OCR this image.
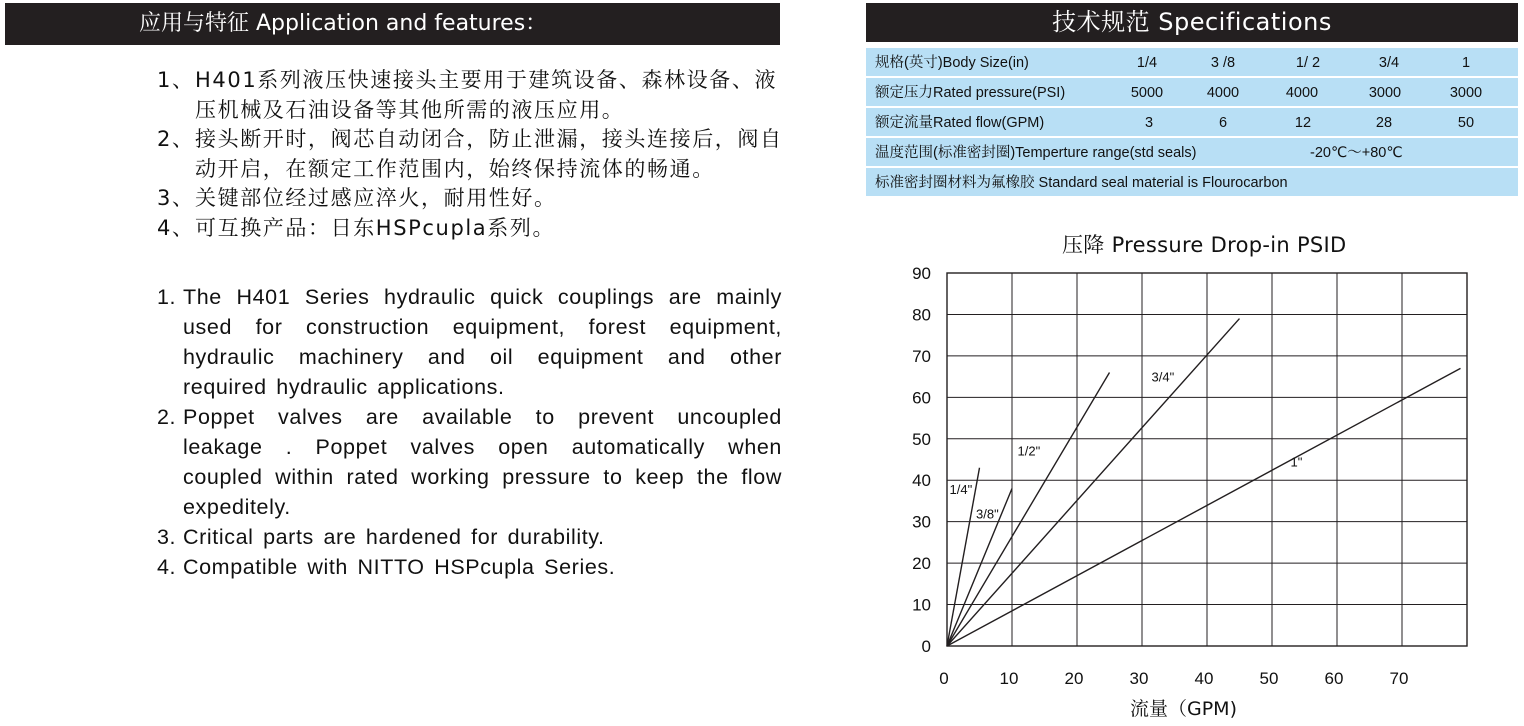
应用与特征 Application and features：
1、 H401系列液压快速接头主要用于建筑设备、森林设备、液压机械及石油设备等其他所需的液压应用。
2、 接头断开时，阀芯自动闭合，防止泄漏，接头连接后，阀自动开启，在额定工作范围内，始终保持流体的畅通。
3、 关键部位经过感应淬火，耐用性好。
4、 可互换产品：日东HSPcupla系列。
1. The H401 Series hydraulic quick couplings are mainly used for construction equipment, forest equipment, hydraulic machinery and oil equipment and other required hydraulic applications.
2. Poppet valves are available to prevent uncoupled leakage . Poppet valves open automatically when coupled within rated working pressure to keep the flow expeditely.
3. Critical parts are hardened for durability.
4. Compatible with NITTO HSPcupla Series.
技术规范 Specifications
规格(英寸)Body Size(in)	1/4	3 /8	1/ 2	3/4	1
额定压力Rated pressure(PSI)	5000	4000	4000	3000	3000
额定流量Rated flow(GPM)	3	6	12	28	50
温度范围(标准密封圈)Temperture range(std seals)	-20℃～+80℃
标准密封圈材料为氟橡胶 Standard seal material is Flourocarbon
压降 Pressure Drop-in PSID
0
10
20
30
40
50
60
70
80
90
0	10	20	30	40	50	60	70
1/4"
3/8"
1/2"
3/4"
1"
流量（GPM)
